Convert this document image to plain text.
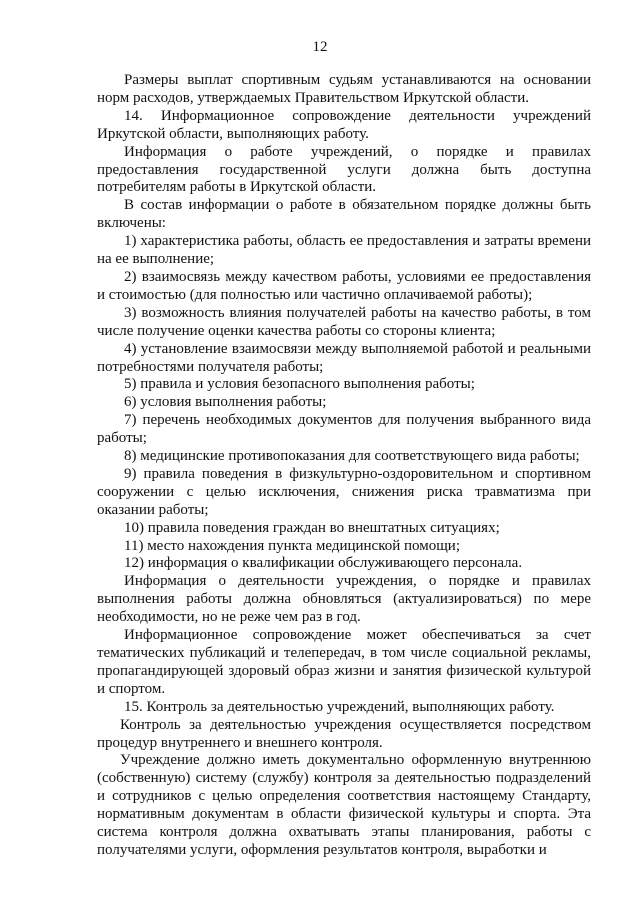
12

Размеры выплат спортивным судьям устанавливаются на основании норм расходов, утверждаемых Правительством Иркутской области.

14. Информационное сопровождение деятельности учреждений Иркутской области, выполняющих работу.

Информация о работе учреждений, о порядке и правилах предоставления государственной услуги должна быть доступна потребителям работы в Иркутской области.

В состав информации о работе в обязательном порядке должны быть включены:

1) характеристика работы, область ее предоставления и затраты времени на ее выполнение;

2) взаимосвязь между качеством работы, условиями ее предоставления и стоимостью (для полностью или частично оплачиваемой работы);

3) возможность влияния получателей работы на качество работы, в том числе получение оценки качества работы со стороны клиента;

4) установление взаимосвязи между выполняемой работой и реальными потребностями получателя работы;

5) правила и условия безопасного выполнения работы;

6) условия выполнения работы;

7) перечень необходимых документов для получения выбранного вида работы;

8) медицинские противопоказания для соответствующего вида работы;

9) правила поведения в физкультурно-оздоровительном и спортивном сооружении с целью исключения, снижения риска травматизма при оказании работы;

10) правила поведения граждан во внештатных ситуациях;

11) место нахождения пункта медицинской помощи;

12) информация о квалификации обслуживающего персонала.

Информация о деятельности учреждения, о порядке и правилах выполнения работы должна обновляться (актуализироваться) по мере необходимости, но не реже чем раз в год.

Информационное сопровождение может обеспечиваться за счет тематических публикаций и телепередач, в том числе социальной рекламы, пропагандирующей здоровый образ жизни и занятия физической культурой и спортом.

15. Контроль за деятельностью учреждений, выполняющих работу.

Контроль за деятельностью учреждения осуществляется посредством процедур внутреннего и внешнего контроля.

Учреждение должно иметь документально оформленную внутреннюю (собственную) систему (службу) контроля за деятельностью подразделений и сотрудников с целью определения соответствия настоящему Стандарту, нормативным документам в области физической культуры и спорта. Эта система контроля должна охватывать этапы планирования, работы с получателями услуги, оформления результатов контроля, выработки и
